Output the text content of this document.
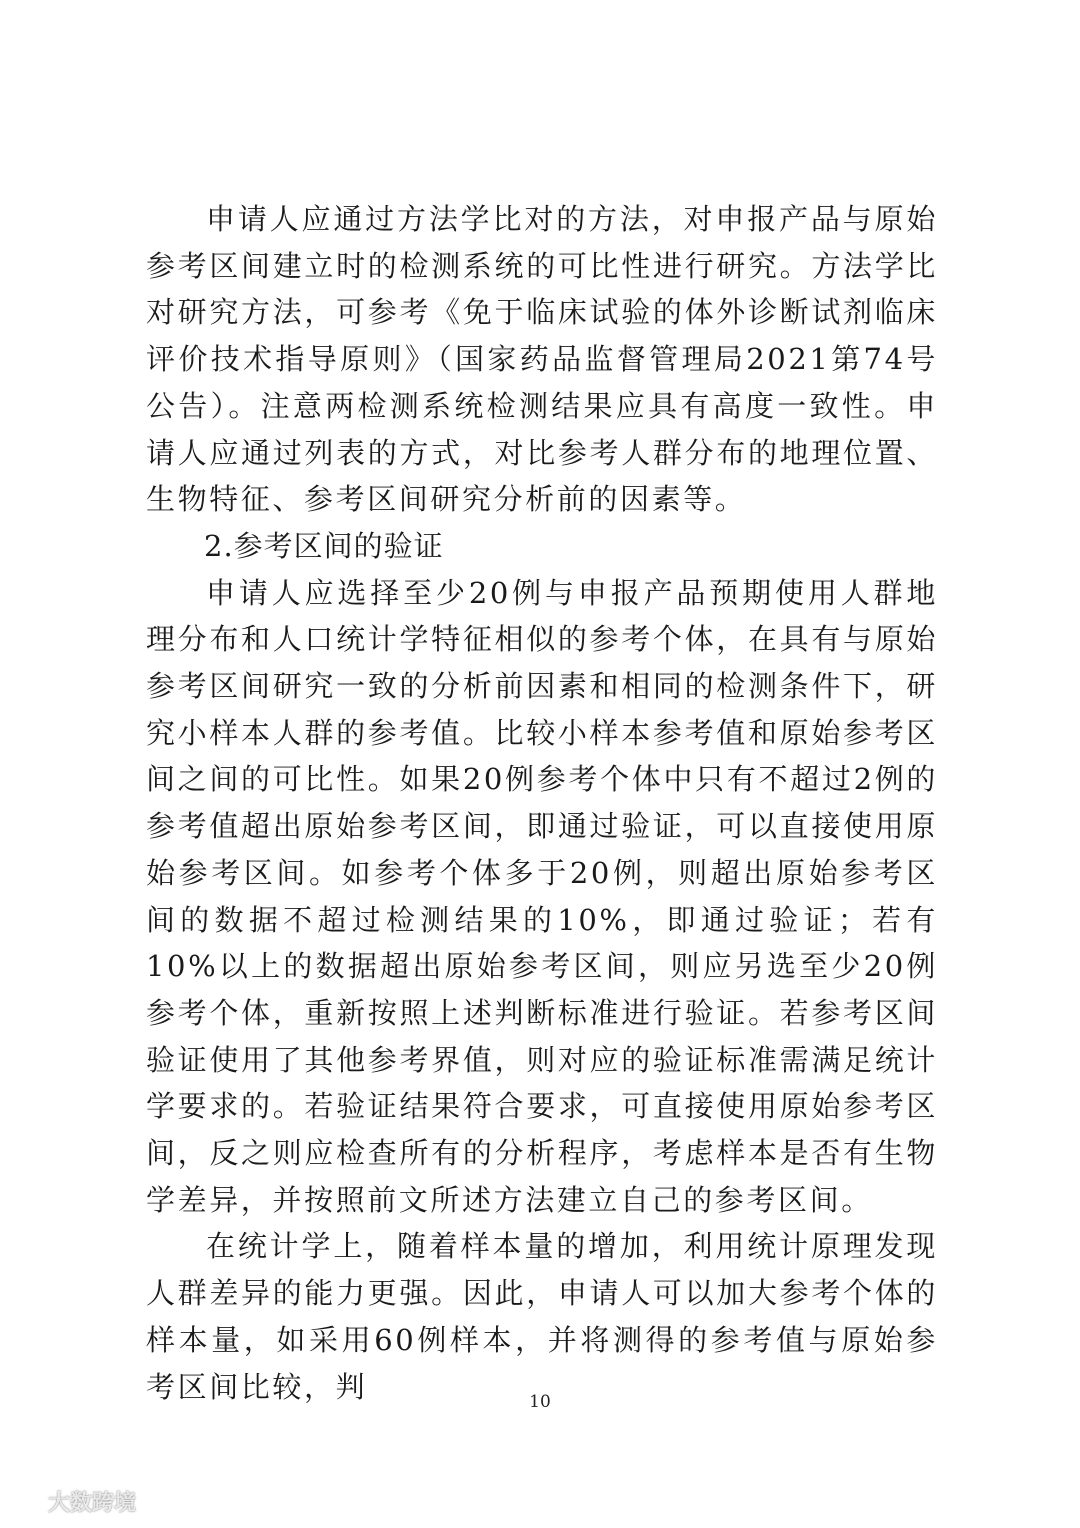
申请人应通过方法学比对的方法，对申报产品与原始参考区间建立时的检测系统的可比性进行研究。方法学比对研究方法，可参考《免于临床试验的体外诊断试剂临床评价技术指导原则》（国家药品监督管理局2021第74号公告）。注意两检测系统检测结果应具有高度一致性。申请人应通过列表的方式，对比参考人群分布的地理位置、生物特征、参考区间研究分析前的因素等。

2.参考区间的验证

申请人应选择至少20例与申报产品预期使用人群地理分布和人口统计学特征相似的参考个体，在具有与原始参考区间研究一致的分析前因素和相同的检测条件下，研究小样本人群的参考值。比较小样本参考值和原始参考区间之间的可比性。如果20例参考个体中只有不超过2例的参考值超出原始参考区间，即通过验证，可以直接使用原始参考区间。如参考个体多于20例，则超出原始参考区间的数据不超过检测结果的10%，即通过验证；若有10%以上的数据超出原始参考区间，则应另选至少20例参考个体，重新按照上述判断标准进行验证。若参考区间验证使用了其他参考界值，则对应的验证标准需满足统计学要求的。若验证结果符合要求，可直接使用原始参考区间，反之则应检查所有的分析程序，考虑样本是否有生物学差异，并按照前文所述方法建立自己的参考区间。

在统计学上，随着样本量的增加，利用统计原理发现人群差异的能力更强。因此，申请人可以加大参考个体的样本量，如采用60例样本，并将测得的参考值与原始参考区间比较，判	10
大数跨境
